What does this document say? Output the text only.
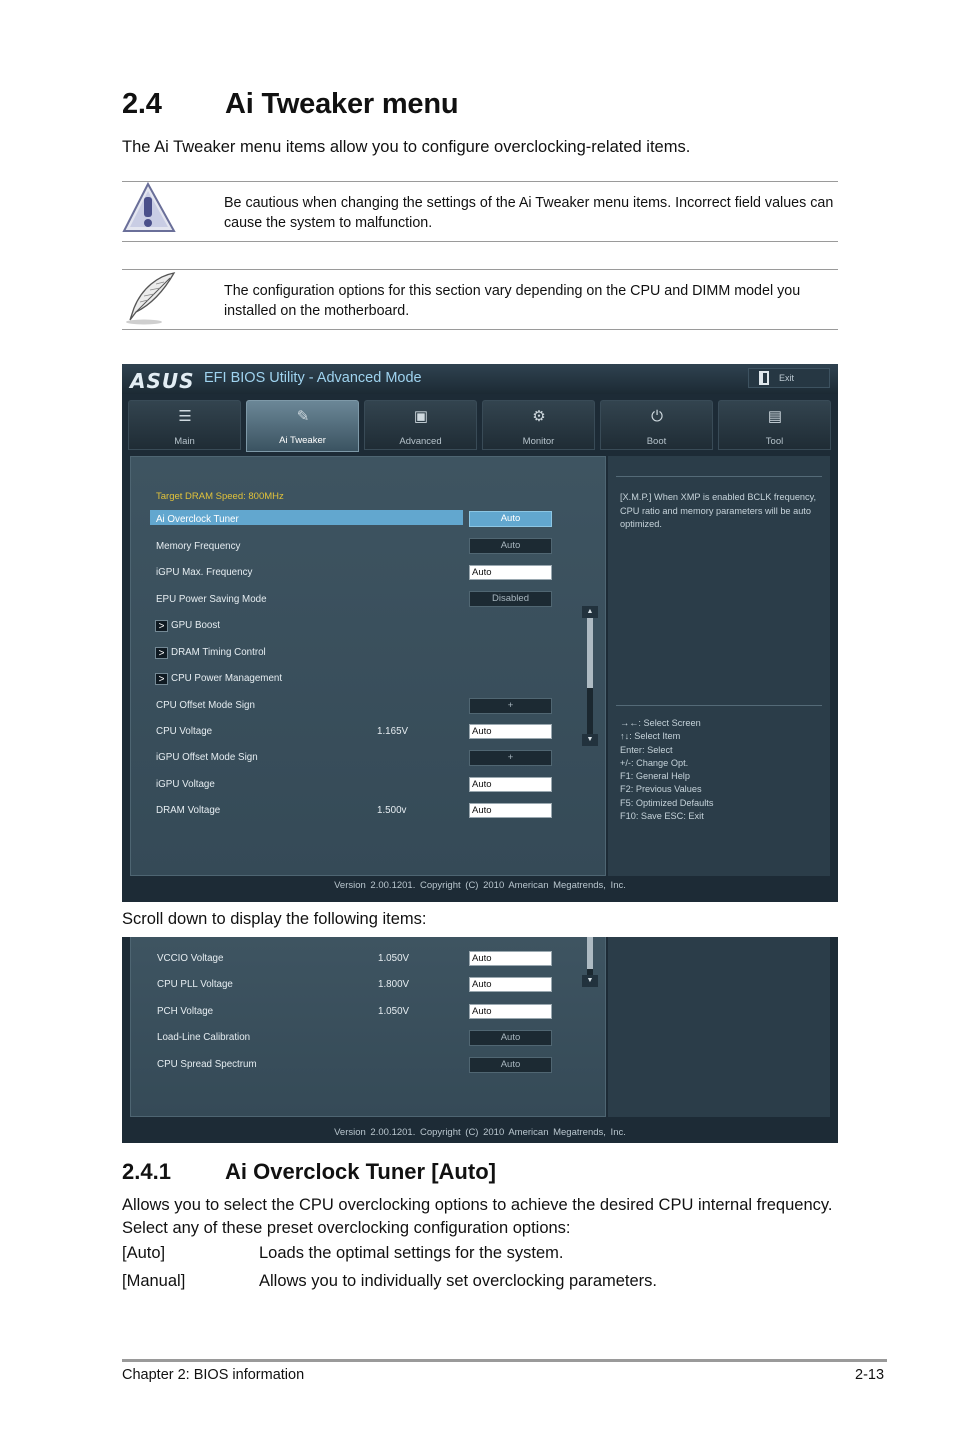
2.4 Ai Tweaker menu
The Ai Tweaker menu items allow you to configure overclocking-related items.
Be cautious when changing the settings of the Ai Tweaker menu items. Incorrect field values can cause the system to malfunction.
The configuration options for this section vary depending on the CPU and DIMM model you installed on the motherboard.
ASUS EFI BIOS Utility - Advanced Mode	Exit
☰
Main
✎
Ai Tweaker
▣
Advanced
⚙
Monitor
⏻
Boot
▤
Tool
Target DRAM Speed: 800MHz
Ai Overclock Tuner	Auto
Memory Frequency	Auto
iGPU Max. Frequency	Auto
EPU Power Saving Mode	Disabled
> GPU Boost
> DRAM Timing Control
> CPU Power Management
CPU Offset Mode Sign	+
CPU Voltage	1.165V	Auto
iGPU Offset Mode Sign	+
iGPU Voltage	Auto
DRAM Voltage	1.500v	Auto
▲
▼
[X.M.P.] When XMP is enabled BCLK frequency, CPU ratio and memory parameters will be auto optimized.
→←: Select Screen
↑↓: Select Item
Enter: Select
+/-: Change Opt.
F1: General Help
F2: Previous Values
F5: Optimized Defaults
F10: Save ESC: Exit
Version 2.00.1201. Copyright (C) 2010 American Megatrends, Inc.
Scroll down to display the following items:
▼
VCCIO Voltage	1.050V	Auto
CPU PLL Voltage	1.800V	Auto
PCH Voltage	1.050V	Auto
Load-Line Calibration	Auto
CPU Spread Spectrum	Auto
Version 2.00.1201. Copyright (C) 2010 American Megatrends, Inc.
2.4.1 Ai Overclock Tuner [Auto]
Allows you to select the CPU overclocking options to achieve the desired CPU internal frequency. Select any of these preset overclocking configuration options:
[Auto]	Loads the optimal settings for the system.
[Manual]	Allows you to individually set overclocking parameters.
Chapter 2: BIOS information	2-13
